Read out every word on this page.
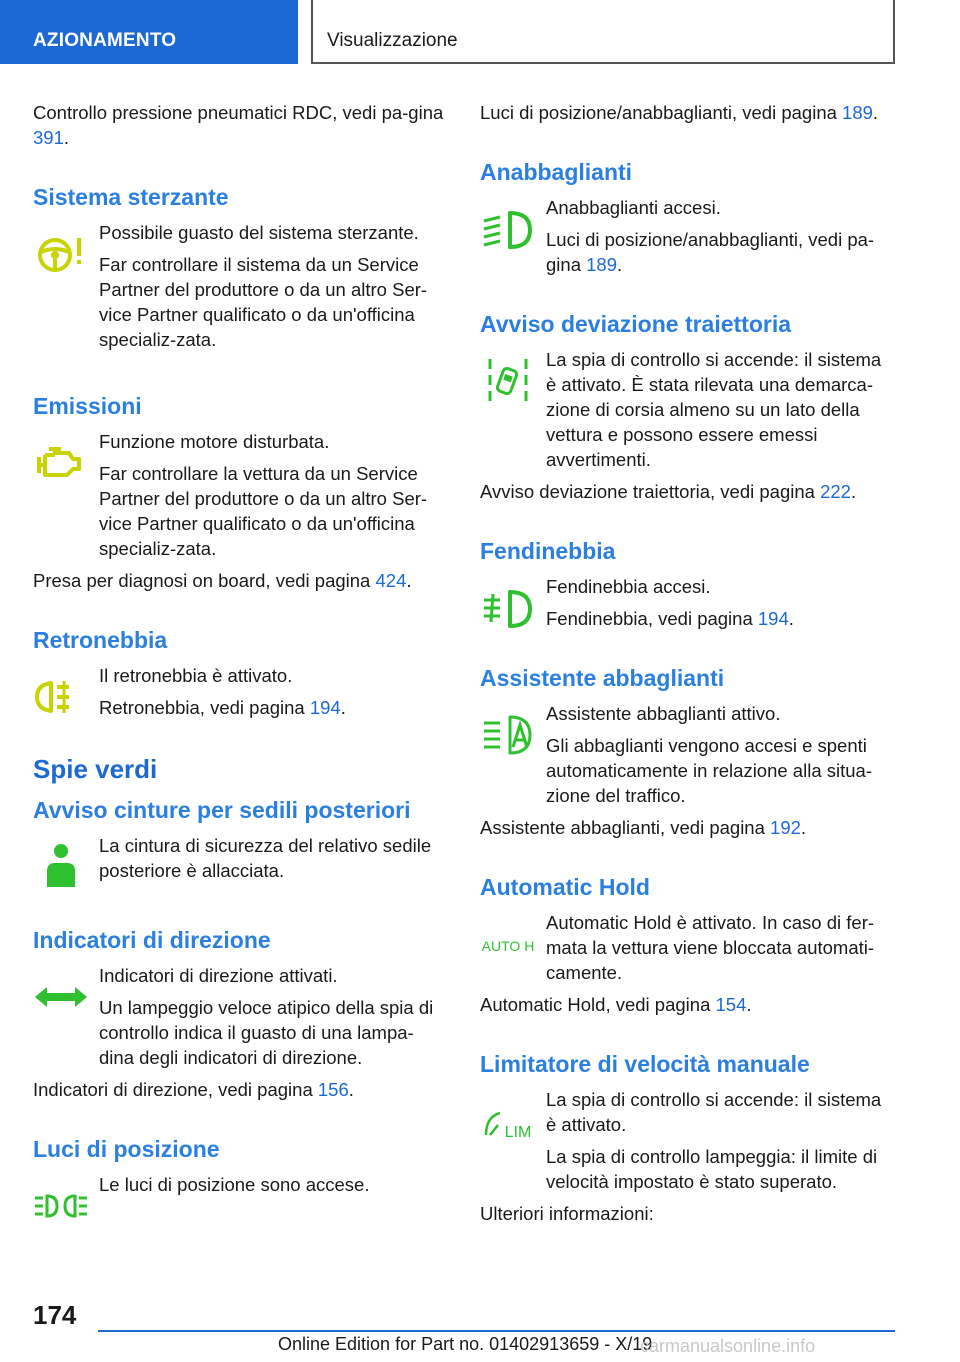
AZIONAMENTO	Visualizzazione

Controllo pressione pneumatici RDC, vedi pa-gina 391.

Sistema sterzante

Possibile guasto del sistema sterzante.

Far controllare il sistema da un Service Partner del produttore o da un altro Ser-vice Partner qualificato o da un'officina specializ-zata.

Emissioni

Funzione motore disturbata.

Far controllare la vettura da un Service Partner del produttore o da un altro Ser-vice Partner qualificato o da un'officina specializ-zata.

Presa per diagnosi on board, vedi pagina 424.

Retronebbia

Il retronebbia è attivato.

Retronebbia, vedi pagina 194.

Spie verdi
Avviso cinture per sedili posteriori

La cintura di sicurezza del relativo sedile posteriore è allacciata.

Indicatori di direzione

Indicatori di direzione attivati.

Un lampeggio veloce atipico della spia di controllo indica il guasto di una lampa-dina degli indicatori di direzione.

Indicatori di direzione, vedi pagina 156.

Luci di posizione

Le luci di posizione sono accese.

Luci di posizione/anabbaglianti, vedi pagina 189.

Anabbaglianti

Anabbaglianti accesi.

Luci di posizione/anabbaglianti, vedi pa-gina 189.

Avviso deviazione traiettoria

La spia di controllo si accende: il sistema è attivato. È stata rilevata una demarca-zione di corsia almeno su un lato della vettura e possono essere emessi avvertimenti.

Avviso deviazione traiettoria, vedi pagina 222.

Fendinebbia

Fendinebbia accesi.

Fendinebbia, vedi pagina 194.

Assistente abbaglianti

Assistente abbaglianti attivo.

Gli abbaglianti vengono accesi e spenti automaticamente in relazione alla situa-zione del traffico.

Assistente abbaglianti, vedi pagina 192.

Automatic Hold
AUTO H

Automatic Hold è attivato. In caso di fer-mata la vettura viene bloccata automati-camente.

Automatic Hold, vedi pagina 154.

Limitatore di velocità manuale
LIM

La spia di controllo si accende: il sistema è attivato.

La spia di controllo lampeggia: il limite di velocità impostato è stato superato.

Ulteriori informazioni:

174
Online Edition for Part no. 01402913659 - X/19
carmanualsonline.info
